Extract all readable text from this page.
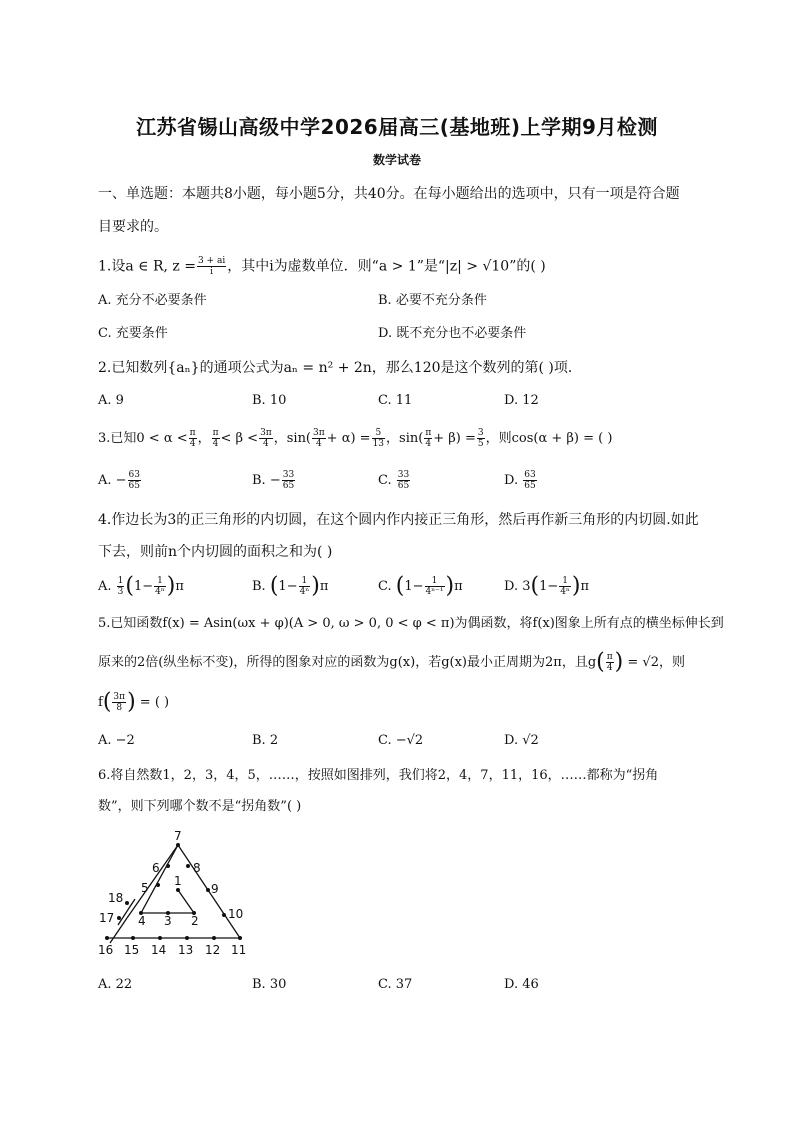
江苏省锡山高级中学2026届高三(基地班)上学期9月检测
数学试卷
一、单选题：本题共8小题，每小题5分，共40分。在每小题给出的选项中，只有一项是符合题
目要求的。
1.设a ∈ R, $z = \frac{3 + ai}{i}$ ，其中i为虚数单位．则“a > 1”是“|z| > √10”的( )
A. 充分不必要条件	B. 必要不充分条件
C. 充要条件	D. 既不充分也不必要条件
2.已知数列{aₙ}的通项公式为aₙ = n² + 2n，那么120是这个数列的第( )项．
A. 9	B. 10	C. 11	D. 12
3.已知$0 < \alpha < \frac{\pi}{4}$ ， $\frac{\pi}{4} < \beta < \frac{3\pi}{4}$ ，$\sin( \frac{3\pi}{4} + \alpha) = \frac{5}{13}$ ，$\sin( \frac{\pi}{4} + \beta) = \frac{3}{5}$ ，则cos(α + β) = ( )
A. − $\frac{63}{65}$	B. − $\frac{33}{65}$	C. $\frac{33}{65}$	D. $\frac{63}{65}$
4.作边长为3的正三角形的内切圆，在这个圆内作内接正三角形，然后再作新三角形的内切圆.如此
下去，则前n个内切圆的面积之和为( )
A. $\frac{1}{3} (1- \frac{1}{\text{4ⁿ}} )\pi$	B. $(1- \frac{1}{\text{4ⁿ}} )\pi$	C. $(1- \frac{1}{\text{4ⁿ⁻¹}} )\pi$	D. $3(1- \frac{1}{\text{4ⁿ}} )\pi$
5.已知函数f(x) = Asin(ωx + φ)(A > 0, ω > 0, 0 < φ < π)为偶函数，将f(x)图象上所有点的横坐标伸长到
原来的2倍(纵坐标不变)，所得的图象对应的函数为g(x)，若g(x)最小正周期为2π，且$g( \frac{\pi}{4}$ ) = √2，则
$f( \frac{3\pi}{8}$ ) = ( )
A. −2	B. 2	C. −√2	D. √2
6.将自然数1，2，3，4，5，……，按照如图排列，我们将2，4，7，11，16，……都称为“拐角
数”，则下列哪个数不是“拐角数”( )
1
2
3
4
5
6
7
8
9
10
11
12
13
14
15
16
17
18
A. 22	B. 30	C. 37	D. 46
